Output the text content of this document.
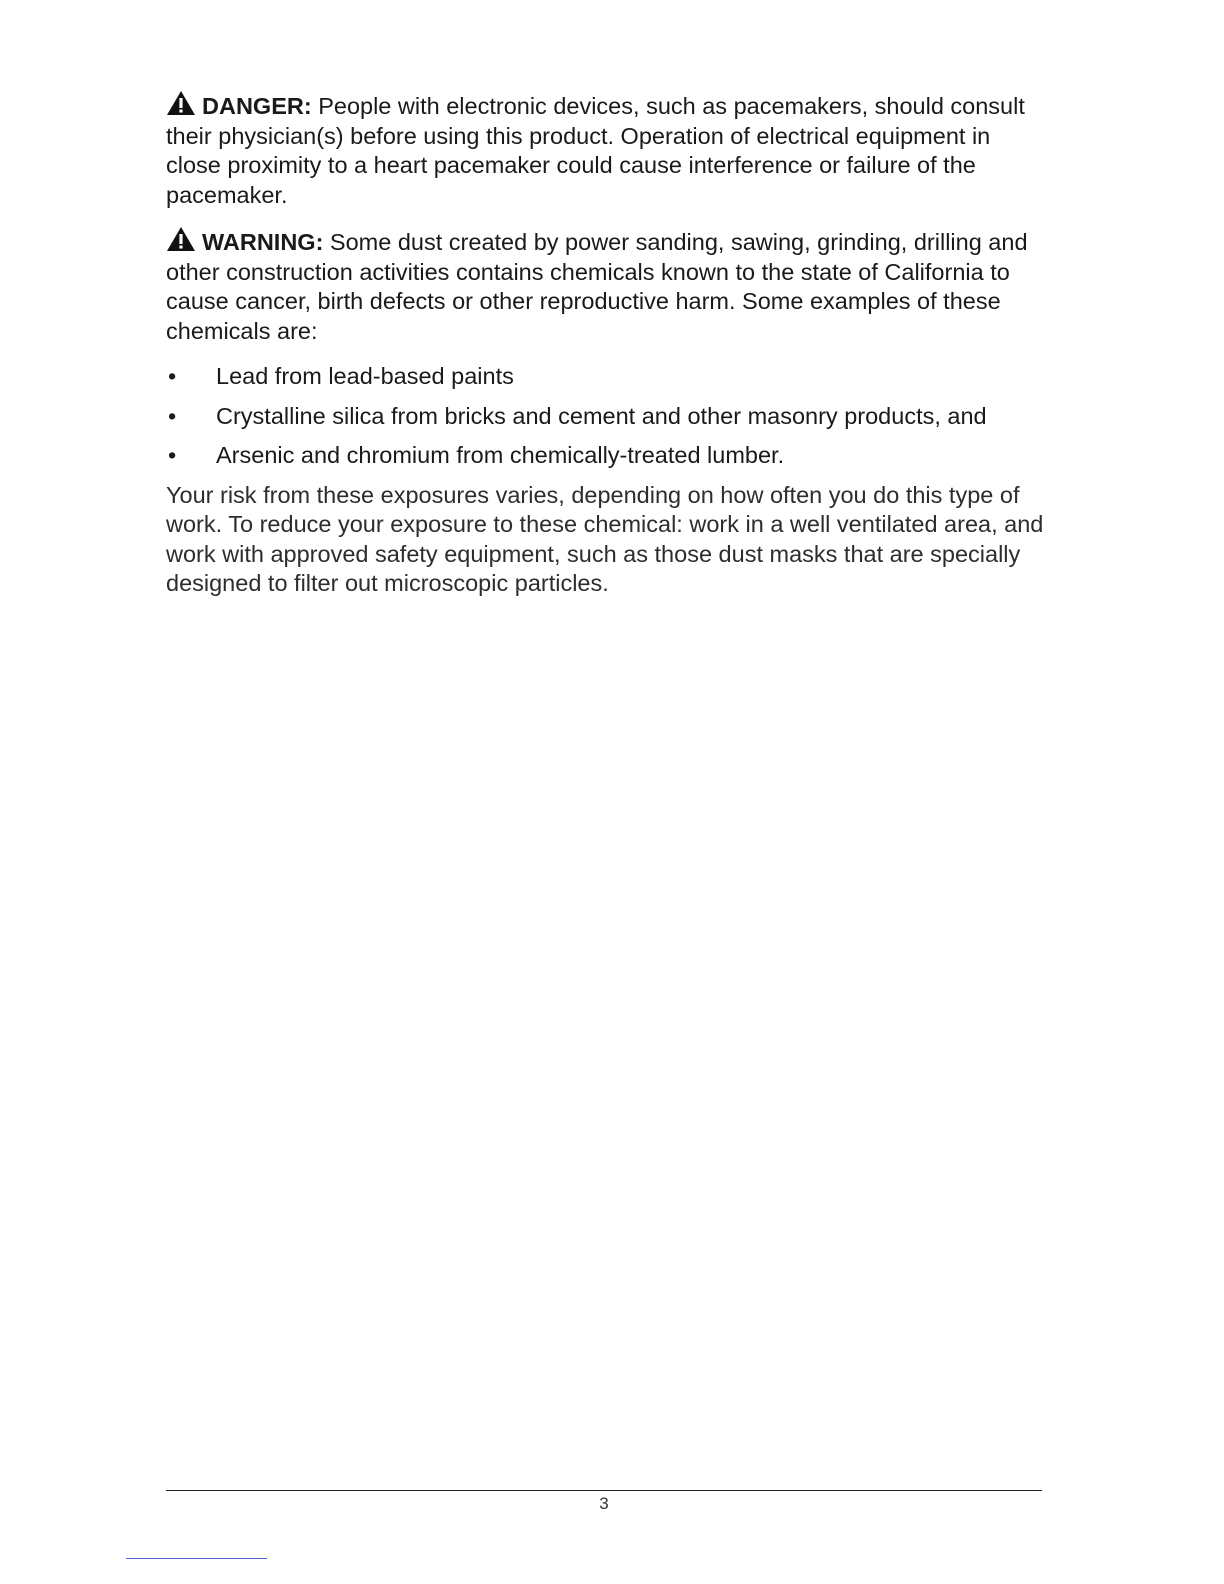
DANGER: People with electronic devices, such as pacemakers, should consult their physician(s) before using this product. Operation of electrical equipment in close proximity to a heart pacemaker could cause interference or failure of the pacemaker.

WARNING: Some dust created by power sanding, sawing, grinding, drilling and other construction activities contains chemicals known to the state of California to cause cancer, birth defects or other reproductive harm. Some examples of these chemicals are:

• Lead from lead-based paints
• Crystalline silica from bricks and cement and other masonry products, and
• Arsenic and chromium from chemically-treated lumber.

Your risk from these exposures varies, depending on how often you do this type of work. To reduce your exposure to these chemical: work in a well ventilated area, and work with approved safety equipment, such as those dust masks that are specially designed to filter out microscopic particles.

3
